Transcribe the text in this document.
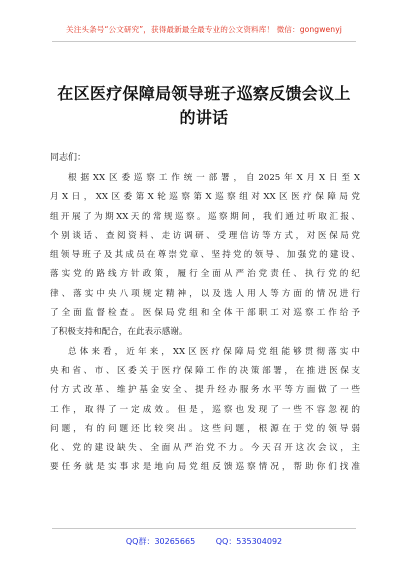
关注头条号“公文研究”，获得最新最全最专业的公文资料库！ 微信：gongwenyj
在区医疗保障局领导班子巡察反馈会议上
的讲话
同志们：
根据XX区委巡察工作统一部署，自2025年X月X日至X
月X日，XX区委第X轮巡察第X巡察组对XX区医疗保障局党
组开展了为期XX天的常规巡察。巡察期间，我们通过听取汇报、
个别谈话、查阅资料、走访调研、受理信访等方式，对医保局党
组领导班子及其成员在尊崇党章、坚持党的领导、加强党的建设、
落实党的路线方针政策，履行全面从严治党责任、执行党的纪
律、落实中央八项规定精神，以及选人用人等方面的情况进行
了全面监督检查。医保局党组和全体干部职工对巡察工作给予
了积极支持和配合，在此表示感谢。
总体来看，近年来，XX区医疗保障局党组能够贯彻落实中
央和省、市、区委关于医疗保障工作的决策部署，在推进医保支
付方式改革、维护基金安全、提升经办服务水平等方面做了一些
工作，取得了一定成效。但是，巡察也发现了一些不容忽视的
问题，有的问题还比较突出。这些问题，根源在于党的领导弱
化、党的建设缺失、全面从严治党不力。今天召开这次会议，主
要任务就是实事求是地向局党组反馈巡察情况，帮助你们找准
QQ群：30265665	QQ：535304092
